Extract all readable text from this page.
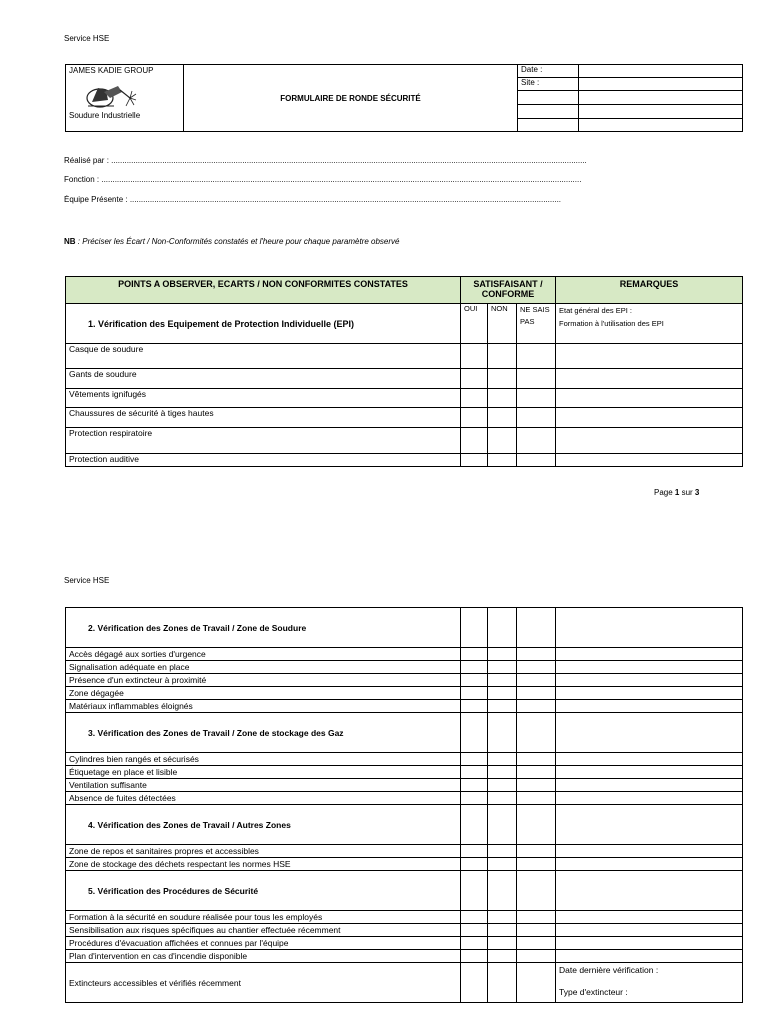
Service HSE
JAMES KADIE GROUP
Soudure Industrielle	FORMULAIRE DE RONDE SÉCURITÉ	Date :	
		Site :	

Réalisé par : ......................................................................................................................................................................................................................
Fonction : ........................................................................................................................................................................................................................
Équipe Présente : ..................................................................................................................................................................................................
NB : Préciser les Écart / Non-Conformités constatés et l'heure pour chaque paramètre observé
POINTS A OBSERVER, ECARTS / NON CONFORMITES CONSTATES	SATISFAISANT / CONFORME			REMARQUES
1. Vérification des Equipement de Protection Individuelle (EPI)	OUI	NON	NE SAIS PAS	Etat général des EPI :
Formation à l'utilisation des EPI

Casque de soudure				
Gants de soudure				
Vêtements ignifugés				
Chaussures de sécurité à tiges hautes				
Protection respiratoire				
Protection auditive				
Page 1 sur 3
Service HSE
2. Vérification des Zones de Travail / Zone de Soudure				
Accès dégagé aux sorties d'urgence				
Signalisation adéquate en place				
Présence d'un extincteur à proximité				
Zone dégagée				
Matériaux inflammables éloignés				
3. Vérification des Zones de Travail / Zone de stockage des Gaz				
Cylindres bien rangés et sécurisés				
Étiquetage en place et lisible				
Ventilation suffisante				
Absence de fuites détectées				
4. Vérification des Zones de Travail / Autres Zones				
Zone de repos et sanitaires propres et accessibles				
Zone de stockage des déchets respectant les normes HSE				
5. Vérification des Procédures de Sécurité				
Formation à la sécurité en soudure réalisée pour tous les employés				
Sensibilisation aux risques spécifiques au chantier effectuée récemment				
Procédures d'évacuation affichées et connues par l'équipe				
Plan d'intervention en cas d'incendie disponible				
Extincteurs accessibles et vérifiés récemment				Date dernière vérification :
Type d'extincteur :
